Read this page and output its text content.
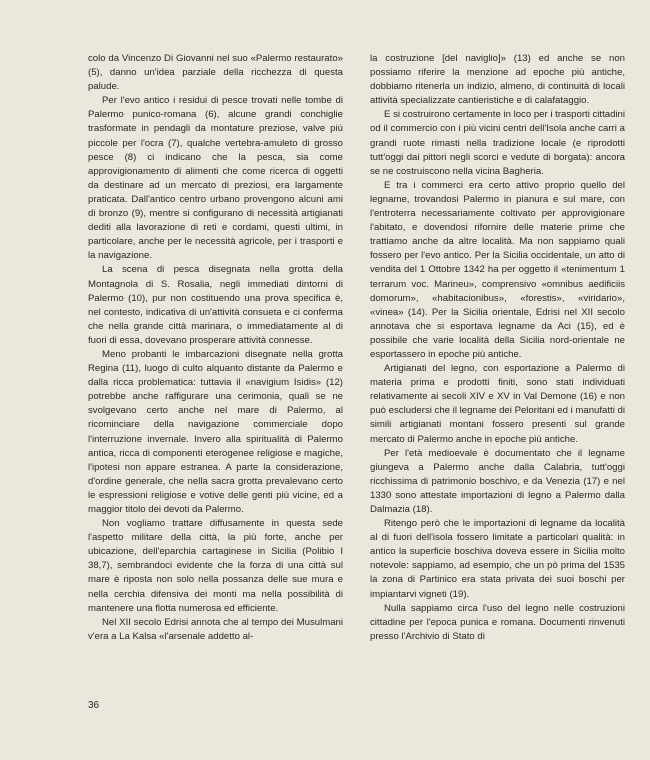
colo da Vincenzo Di Giovanni nel suo «Palermo restaurato» (5), danno un'idea parziale della ricchezza di questa palude.

Per l'evo antico i residui di pesce trovati nelle tombe di Palermo punico-romana (6), alcune grandi conchiglie trasformate in pendagli da montature preziose, valve più piccole per l'ocra (7), qualche vertebra-amuleto di grosso pesce (8) ci indicano che la pesca, sia come approvigionamento di alimenti che come ricerca di oggetti da destinare ad un mercato di preziosi, era largamente praticata. Dall'antico centro urbano provengono alcuni ami di bronzo (9), mentre si configurano di necessità artigianati dediti alla lavorazione di reti e cordami, questi ultimi, in particolare, anche per le necessità agricole, per i trasporti e la navigazione.

La scena di pesca disegnata nella grotta della Montagnola di S. Rosalia, negli immediati dintorni di Palermo (10), pur non costituendo una prova specifica è, nel contesto, indicativa di un'attività consueta e ci conferma che nella grande città marinara, o immediatamente al di fuori di essa, dovevano prosperare attività connesse.

Meno probanti le imbarcazioni disegnate nella grotta Regina (11), luogo di culto alquanto distante da Palermo e dalla ricca problematica: tuttavia il «navigium Isidis» (12) potrebbe anche raffigurare una cerimonia, quali se ne svolgevano certo anche nel mare di Palermo, al ricominciare della navigazione commerciale dopo l'interruzione invernale. Invero alla spiritualità di Palermo antica, ricca di componenti eterogenee religiose e magiche, l'ipotesi non appare estranea. A parte la considerazione, d'ordine generale, che nella sacra grotta prevalevano certo le espressioni religiose e votive delle genti più vicine, ed a maggior titolo dei devoti da Palermo.

Non vogliamo trattare diffusamente in questa sede l'aspetto militare della città, la più forte, anche per ubicazione, dell'eparchia cartaginese in Sicilia (Polibio I 38,7), sembrandoci evidente che la forza di una città sul mare è riposta non solo nella possanza delle sue mura e nella cerchia difensiva dei monti ma nella possibilità di mantenere una flotta numerosa ed efficiente.

Nel XII secolo Edrisi annota che al tempo dei Musulmani v'era a La Kalsa «l'arsenale addetto al-

la costruzione [del naviglio]» (13) ed anche se non possiamo riferire la menzione ad epoche più antiche, dobbiamo ritenerla un indizio, almeno, di continuità di locali attività specializzate cantieristiche e di calafataggio.

E si costruirono certamente in loco per i trasporti cittadini od il commercio con i più vicini centri dell'Isola anche carri a grandi ruote rimasti nella tradizione locale (e riprodotti tutt'oggi dai pittori negli scorci e vedute di borgata): ancora se ne costruiscono nella vicina Bagheria.

E tra i commerci era certo attivo proprio quello del legname, trovandosi Palermo in pianura e sul mare, con l'entroterra necessariamente coltivato per approvigionare l'abitato, e dovendosi rifornire delle materie prime che trattiamo anche da altre località. Ma non sappiamo quali fossero per l'evo antico. Per la Sicilia occidentale, un atto di vendita del 1 Ottobre 1342 ha per oggetto il «tenimentum 1 terrarum voc. Marineu», comprensivo «omnibus aedificiis domorum», «habitacionibus», «forestis», «viridario», «vinea» (14). Per la Sicilia orientale, Edrisi nel XII secolo annotava che si esportava legname da Aci (15), ed è possibile che varie località della Sicilia nord-orientale ne esportassero in epoche più antiche.

Artigianati del legno, con esportazione a Palermo di materia prima e prodotti finiti, sono stati individuati relativamente ai secoli XIV e XV in Val Demone (16) e non può escludersi che il legname dei Peloritani ed i manufatti di simili artigianati montani fossero presenti sul grande mercato di Palermo anche in epoche più antiche.

Per l'età medioevale è documentato che il legname giungeva a Palermo anche dalla Calabria, tutt'oggi ricchissima di patrimonio boschivo, e da Venezia (17) e nel 1330 sono attestate importazioni di legno a Palermo dalla Dalmazia (18).

Ritengo però che le importazioni di legname da località al di fuori dell'isola fossero limitate a particolari qualità: in antico la superficie boschiva doveva essere in Sicilia molto notevole: sappiamo, ad esempio, che un pò prima del 1535 la zona di Partinico era stata privata dei suoi boschi per impiantarvi vigneti (19).

Nulla sappiamo circa l'uso del legno nelle costruzioni cittadine per l'epoca punica e romana. Documenti rinvenuti presso l'Archivio di Stato di

36
